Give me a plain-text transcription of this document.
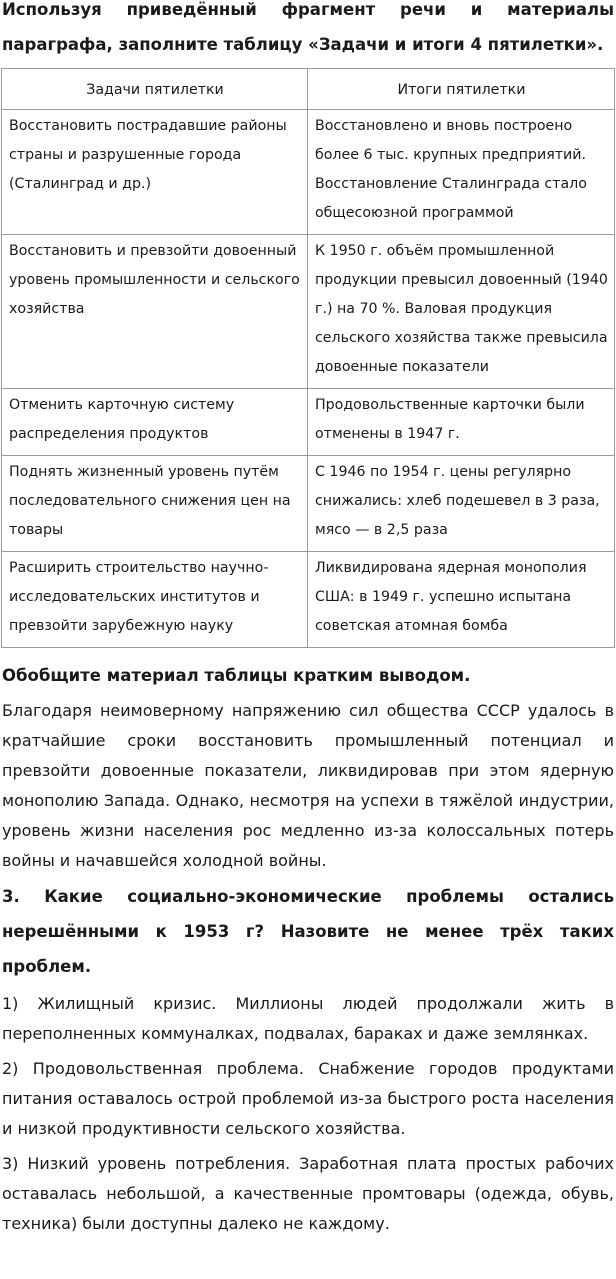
Используя приведённый фрагмент речи и материалы параграфа, заполните таблицу «Задачи и итоги 4 пятилетки».

Задачи пятилетки	Итоги пятилетки
Восстановить пострадавшие районы страны и разрушенные города (Сталинград и др.)	Восстановлено и вновь построено более 6 тыс. крупных предприятий. Восстановление Сталинграда стало общесоюзной программой
Восстановить и превзойти довоенный уровень промышленности и сельского хозяйства	К 1950 г. объём промышленной продукции превысил довоенный (1940 г.) на 70 %. Валовая продукция сельского хозяйства также превысила довоенные показатели
Отменить карточную систему распределения продуктов	Продовольственные карточки были отменены в 1947 г.
Поднять жизненный уровень путём последовательного снижения цен на товары	С 1946 по 1954 г. цены регулярно снижались: хлеб подешевел в 3 раза, мясо — в 2,5 раза
Расширить строительство научно-исследовательских институтов и превзойти зарубежную науку	Ликвидирована ядерная монополия США: в 1949 г. успешно испытана советская атомная бомба

Обобщите материал таблицы кратким выводом.

Благодаря неимоверному напряжению сил общества СССР удалось в кратчайшие сроки восстановить промышленный потенциал и превзойти довоенные показатели, ликвидировав при этом ядерную монополию Запада. Однако, несмотря на успехи в тяжёлой индустрии, уровень жизни населения рос медленно из-за колоссальных потерь войны и начавшейся холодной войны.

3. Какие социально-экономические проблемы остались нерешёнными к 1953 г? Назовите не менее трёх таких проблем.

1) Жилищный кризис. Миллионы людей продолжали жить в переполненных коммуналках, подвалах, бараках и даже землянках.

2) Продовольственная проблема. Снабжение городов продуктами питания оставалось острой проблемой из-за быстрого роста населения и низкой продуктивности сельского хозяйства.

3) Низкий уровень потребления. Заработная плата простых рабочих оставалась небольшой, а качественные промтовары (одежда, обувь, техника) были доступны далеко не каждому.
